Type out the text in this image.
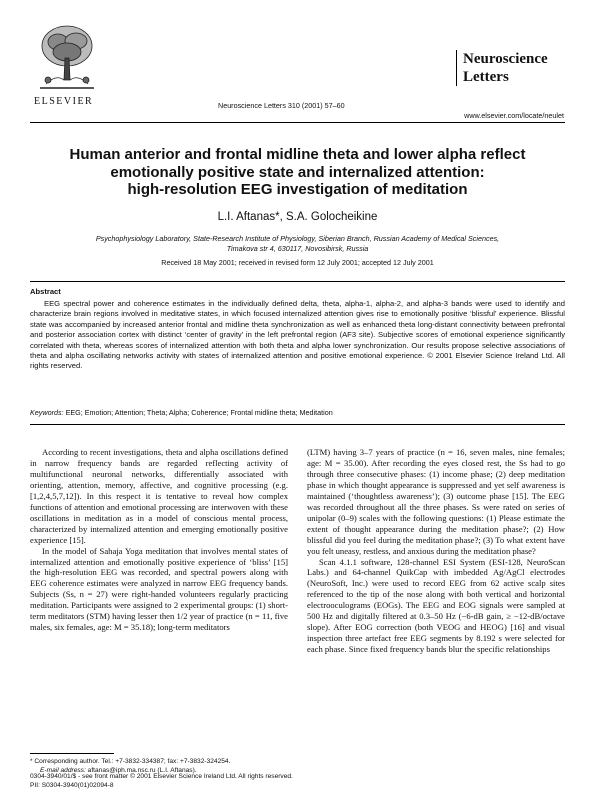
ELSEVIER
Neuroscience
Letters
Neuroscience Letters 310 (2001) 57–60
www.elsevier.com/locate/neulet
Human anterior and frontal midline theta and lower alpha reflect
emotionally positive state and internalized attention:
high-resolution EEG investigation of meditation
L.I. Aftanas*, S.A. Golocheikine
Psychophysiology Laboratory, State-Research Institute of Physiology, Siberian Branch, Russian Academy of Medical Sciences,
Timakova str 4, 630117, Novosibirsk, Russia
Received 18 May 2001; received in revised form 12 July 2001; accepted 12 July 2001
Abstract

EEG spectral power and coherence estimates in the individually defined delta, theta, alpha-1, alpha-2, and alpha-3 bands were used to identify and characterize brain regions involved in meditative states, in which focused internalized attention gives rise to emotionally positive ‘blissful’ experience. Blissful state was accompanied by increased anterior frontal and midline theta synchronization as well as enhanced theta long-distant connectivity between prefrontal and posterior association cortex with distinct ‘center of gravity’ in the left prefrontal region (AF3 site). Subjective scores of emotional experience significantly correlated with theta, whereas scores of internalized attention with both theta and alpha lower synchronization. Our results propose selective associations of theta and alpha oscillating networks activity with states of internalized attention and positive emotional experience. © 2001 Elsevier Science Ireland Ltd. All rights reserved.

Keywords: EEG; Emotion; Attention; Theta; Alpha; Coherence; Frontal midline theta; Meditation

According to recent investigations, theta and alpha oscillations defined in narrow frequency bands are regarded reflecting activity of multifunctional neuronal networks, differentially associated with orienting, attention, memory, affective, and cognitive processing (e.g. [1,2,4,5,7,12]). In this respect it is tentative to reveal how complex functions of attention and emotional processing are interwoven with these oscillations in meditation as in a model of conscious mental process, characterized by internalized attention and emerging emotionally positive experience [15].

In the model of Sahaja Yoga meditation that involves mental states of internalized attention and emotionally positive experience of ‘bliss’ [15] the high-resolution EEG was recorded, and spectral powers along with EEG coherence estimates were analyzed in narrow EEG frequency bands. Subjects (Ss, n = 27) were right-handed volunteers regularly practicing meditation. Participants were assigned to 2 experimental groups: (1) short-term meditators (STM) having lesser then 1/2 year of practice (n = 11, five males, six females, age: M = 35.18); long-term meditators

(LTM) having 3–7 years of practice (n = 16, seven males, nine females; age: M = 35.00). After recording the eyes closed rest, the Ss had to go through three consecutive phases: (1) income phase; (2) deep meditation phase in which thought appearance is suppressed and yet self awareness is maintained (‘thoughtless awareness’); (3) outcome phase [15]. The EEG was recorded throughout all the three phases. Ss were rated on series of unipolar (0–9) scales with the following questions: (1) Please estimate the extent of thought appearance during the meditation phase?; (2) How blissful did you feel during the meditation phase?; (3) To what extent have you felt uneasy, restless, and anxious during the meditation phase?

Scan 4.1.1 software, 128-channel ESI System (ESI-128, NeuroScan Labs.) and 64-channel QuikCap with imbedded Ag/AgCl electrodes (NeuroSoft, Inc.) were used to record EEG from 62 active scalp sites referenced to the tip of the nose along with both vertical and horizontal electrooculograms (EOGs). The EEG and EOG signals were sampled at 500 Hz and digitally filtered at 0.3–50 Hz (−6-dB gain, ≥ −12-dB/octave slope). After EOG correction (both VEOG and HEOG) [16] and visual inspection three artefact free EEG segments by 8.192 s were selected for each phase. Since fixed frequency bands blur the specific relationships

* Corresponding author. Tel.: +7-3832-334387; fax: +7-3832-324254.
E-mail address: aftanas@iph.ma.nsc.ru (L.I. Aftanas).
0304-3940/01/$ - see front matter © 2001 Elsevier Science Ireland Ltd. All rights reserved.
PII: S0304-3940(01)02094-8
